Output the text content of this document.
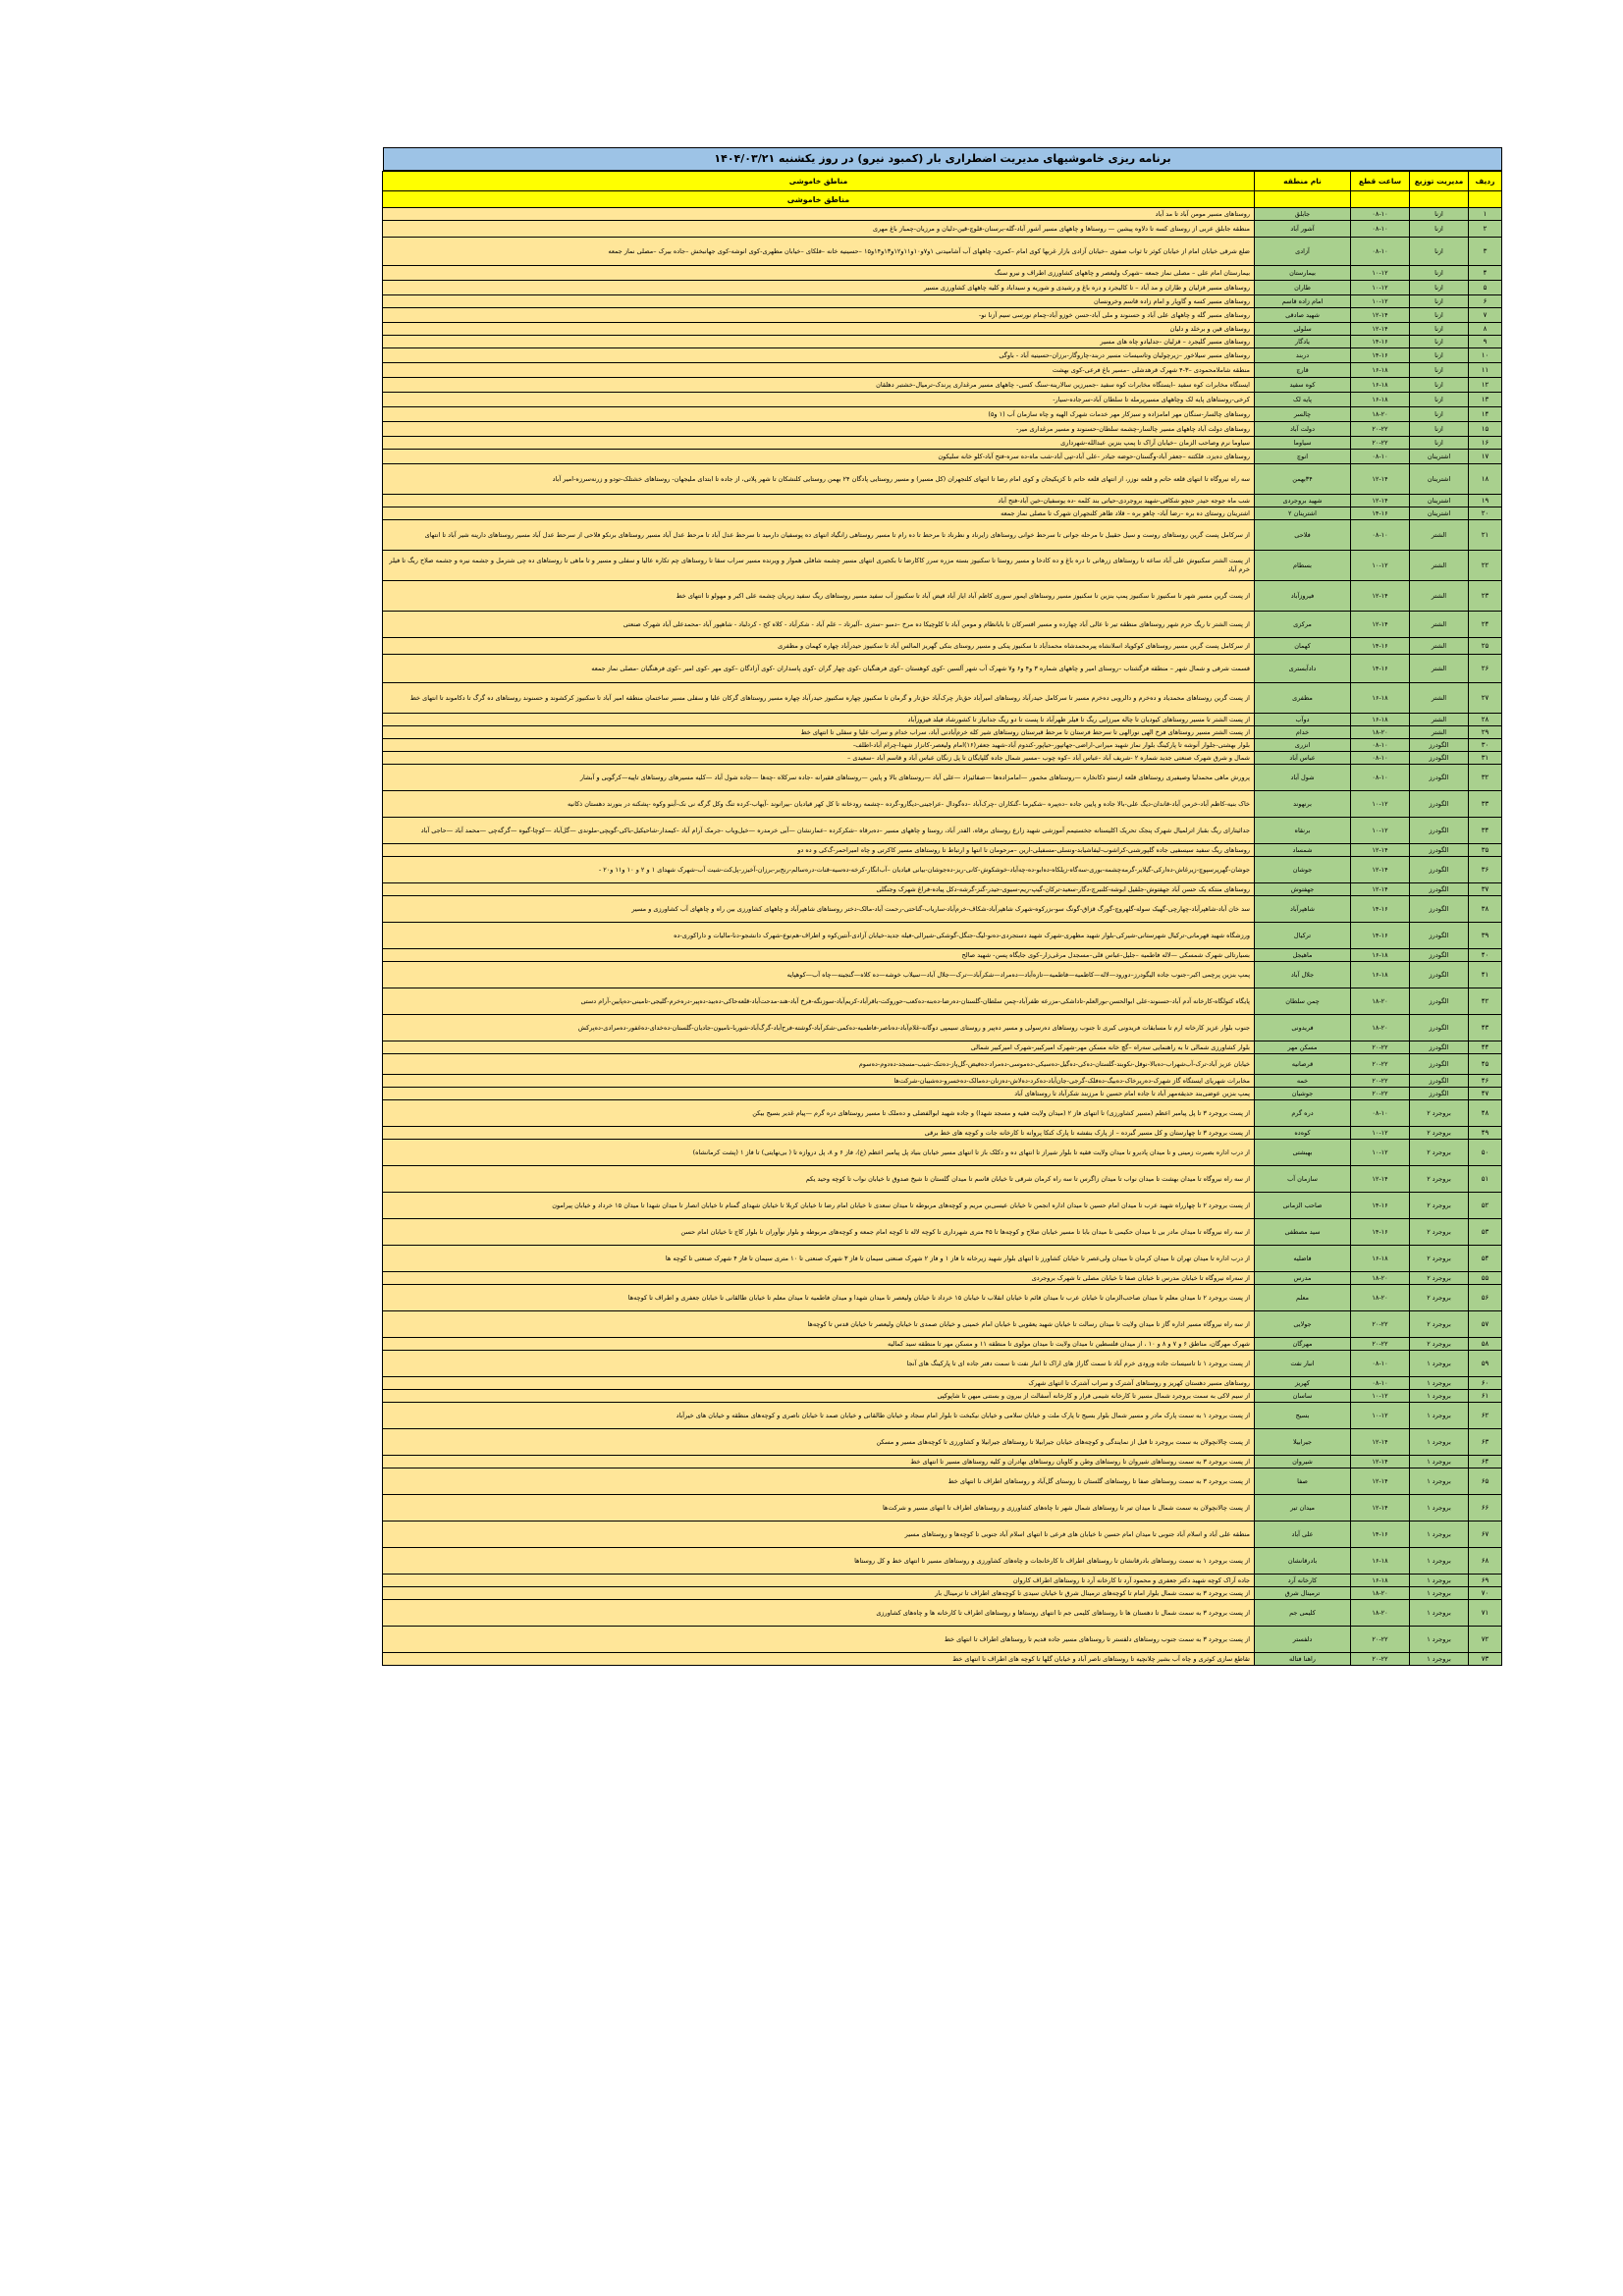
برنامه ریزی خاموشیهای مدیریت اضطراری بار (کمبود نیرو) در روز یکشنبه ۱۴۰۴/۰۳/۲۱
ردیف	مدیریت توزیع	ساعت قطع	نام منطقه	مناطق خاموشی
				مناطق خاموشی
۱	ازنا	۰۸-۱۰	جابلق	روستاهای مسیر مومن آباد تا مد آباد
۲	ازنا	۰۸-۱۰	آشور آباد	منطقه جابلق عربی از روستای کسه تا دلاوه پیشین — روستاها و چاههای مسیر آشور آباد-گله-برسنان-قلوچ-قین-دلیان و مرزیان-چمباز باغ مهری
۳	ازنا	۰۸-۱۰	آزادی	ضلع شرقی خیابان امام از خیابان کوثر تا ثواب صفوی –خیابان آزادی بازار غربها کوی امام –کمری- چاههای آب آشامیدنی ۱و۷و۱۰و۱۱و۱۲و۱۳و۱۴و۱۵ –حسینیه خانه –فلکای –خیابان مطهری-کوی انوشه-کوی جهانبخش –جاده بیرک –مصلی نماز جمعه
۴	ازنا	۱۰-۱۲	بیمارستان	بیمارستان امام علی – مصلی نماز جمعه –شهرک ولیعصر و چاههای کشاورزی اطراف و نیرو سنگ
۵	ازنا	۱۰-۱۲	طاران	روستاهای مسیر قزلیان و طاران و مد آباد – تا کالیجرد و دره باغ و رشیدی و شوریه و سیداباد و کلیه چاههای کشاورزی مسیر
۶	ازنا	۱۰-۱۲	امام زاده قاسم	روستاهای مسیر کسه و گاوپار و امام زاده قاسم وخرونسان
۷	ازنا	۱۲-۱۴	شهید صادقی	روستاهای مسیر گله و چاههای علی آباد و حسنوند و ملی آباد-حسن خوزو آباد-چمام نورسی سیم آزنا نو-
۸	ازنا	۱۲-۱۴	سلولی	روستاهای قین و برخلد و دلیان
۹	ازنا	۱۴-۱۶	یادگار	روستاهای مسیر گلیجرد – قزلیان -جدلیادو چاه های مسیر
۱۰	ازنا	۱۴-۱۶	دربند	روستاهای مسیر سیلاخور –زیرچولیان وتاسیسات مسیر دربند-چاروگار-برزان-حسینیه آباد - باوگی
۱۱	ازنا	۱۶-۱۸	قارچ	منطقه شاملامحمودی –۳-۴ شهرک قرهدشلی –مسیر باغ فرعی-کوی بهشت
۱۲	ازنا	۱۶-۱۸	کوه سفید	ایستگاه مخابرات کوه سفید –ایستگاه مخابرات کوه سفید -جمبرزین سالارینه-سنگ کسی- چاههای مسیر مرغداری پرندک-ترمیال-خشتبر دهلقان
۱۳	ازنا	۱۶-۱۸	پایه لک	کرخی-روستاهای پایه لک وچاههای مسیرپرمله تا سلطان آباد-سرجاده-سیار-
۱۴	ازنا	۱۸-۲۰	چالسر	روستاهای چالسار-سنگان مهر امامزاده و سبزکار مهر خدمات شهرک الهیه و چاه سازمان آب (۱ و۵)
۱۵	ازنا	۲۰-۲۲	دولت آباد	روستاهای دولت آباد چاههای مسیر چالسار-چشمه سلطان-حسنوند و مسیر مرغداری میر-
۱۶	ازنا	۲۰-۲۲	سیاوما	سیاوما نرم وصاحب الزمان –خیابان آراک تا پمپ بنزین عبدالله-شهرداری
۱۷	اشترینان	۰۸-۱۰	انوچ	روستاهای ده‌یزد، فلکتنه –جعفر آباد-وگستان-حوضه جیادر -علی آباد-تپی آباد-شب ماه-ده سره-فتح آباد-کلو خانه سلیکون
۱۸	اشترینان	۱۲-۱۴	۳۴بهمن	سه راه نیروگاه تا انتهای قلعه حاتم و قلعه نوزر، از انتهای قلعه حاتم تا کزیکیجان و کوی امام رضا تا انتهای کلنجهران (کل مسیر) و مسیر روستایی پادگان ۲۴ بهمن روستایی کلنشکان تا شهر پلاتی، از جاده تا ابتدای ملیجهان- روستاهای خشتلک-تودو و زرنه‌سرزه-امیر آباد
۱۹	اشترینان	۱۲-۱۴	شهید بروجردی	شب ماه جوجه حیدر حنچو شکافی-شهید بروجردی-حیاتی بند کلمه -ده یوسفیان-خین آباد-فتح آباد
۲۰	اشترینان	۱۴-۱۶	اشترینان ۲	اشترینان روستای ده بره –رضا آباد- چاهو بره – قلاد ظاهر کلنجهران شهرک تا مصلی نماز جمعه
۲۱	الشتر	۰۸-۱۰	فلاحی	از سرکامل پست گرین روستاهای روست و سیل حقیبل تا مرحله جوانی تا سرحط خوانی روستاهای زایرناد و نطرناد تا مرحط تا ده رام تا مسیر روستاهی زانگیاد انتهای ده پوسفیان دارمید تا سرحط عدل آباد تا مرحط عدل آباد مسیر روستاهای برنکو فلاحی از سرحط عدل آباد مسیر روستاهای دارینه شیر آباد تا انتهای
۲۲	الشتر	۱۰-۱۲	بسطام	از پست الشتر سکنیوش علی آباد ساعه تا روستاهای زرهانی تا دره باغ و ده کادخا و مسیر روستا تا سکنیوز بسته مزره سرر کاکارضا تا بکجیری انتهای مسیر چشمه شافلی هموار و ویرنده مسیر سراب سقا تا روستاهای چم تکاره عالیا و سفلی و مسیر و تا ماهی تا روستاهای ده چی شترمل و جشمه نیره و جشمه صلاح ریگ تا فیلر خرم آباد
۲۳	الشتر	۱۲-۱۴	فیروزآباد	از پست گرین مسیر شهر تا سکنیوز تا سکنیوز پمپ بنزین تا سکنیوز مسیر روستاهای ایمور سوری کاظم آباد ایاز آباد قیض آباد تا سکنیوز آب سفید مسیر روستاهای ریگ سفید زیریان چشمه علی اکبر و مهولو تا انتهای خط
۲۴	الشتر	۱۲-۱۴	مرکزی	از پست الشتر تا ریگ حرم شهر روستاهای منطقه تیر تا عالی آباد چهارده و مسیر افسرکان تا بابانظام و مومن آباد تا کلوچیکا ده مرخ –دمبو –ستری –آلیرتاد – علم آباد - شکرآباد - کلاه کج - کردلباد - شاهپور آباد -محمدعلی آباد شهرک صنعتی
۲۵	الشتر	۱۴-۱۶	کهمان	از سرکامل پست گرین مسیر روستاهای کوکوپاد اسلانشاه پیرمحمدشاه محمدآباد تا سکنیوز پنکی و مسیر روستای بنکی گهریز المالس آباد تا سکنیوز حیدرآباد چهاره کهمان و مظفری
۲۶	الشتر	۱۴-۱۶	دادآبستری	قسمت شرقی و شمال شهر – منطقه فرگشتاب –روستای امیر و چاههای شماره ۳ و۴ و۶ و۷ شهرک آب شهر آلسین -کوی کوهستان –کوی فرهنگیان -کوی چهار گران -کوی پاسداران -کوی آزادگان –کوی مهر -کوی امیر –کوی فرهنگیان -مصلی نماز جمعه
۲۷	الشتر	۱۶-۱۸	مظفری	از پست گرین روستاهای محمدیاد و ده‌خرم و دالرویی ده‌خرم مسیر تا سرکامل حیدرآباد روستاهای امیرآباد حق‌تار چرک‌آباد حق‌تار و گرمان تا سکنیوز چهاره سکنیوز حیدرآباد چهاره مسیر روستاهای گرکان علیا و سفلی مسیر ساختمان منطقه امیر آباد تا سکنیوز کرکشوند و حسنوند روستاهای ده گرگ تا دکاموند تا انتهای خط
۲۸	الشتر	۱۶-۱۸	دوآب	از پست الشتر تا مسیر روستاهای کیودیان تا چاله میرزایی ریگ تا فیلر ظهرآباد تا پست تا دو ریگ جدانیاز تا کشورشاد فیلد فیروزآباد
۲۹	الشتر	۱۸-۲۰	خدام	از پست الشتر مسیر روستاهای فرخ الهی نورالهی تا سرحط فرستان تا مرحط قبرستان روستاهای شیر کله خرم‌آبادنی آباد، سراب خدام و سراب علیا و سفلی تا انتهای خط
۳۰	الگودرز	۰۸-۱۰	انزری	بلوار بهشتی-جلوار آنوشه تا پارکینگ بلوار نماز شهید میرانی-اراضی-جهاتپور-حیاپور-کندوم آباد-شهید جعفر(۱۶)امام ولیعصر-کانزار شهدا-چرام آباد-اطلف-
۳۱	الگودرز	۰۸-۱۰	عباس آباد	شمال و شرق شهرک صنعتی جدید شماره ۲ -شریف آباد -عباس آباد –کوه چوب –مسیر شمال جاده گلپایگان تا پل زنگان عباس آباد و قاسم آباد –سعیدی –
۳۲	الگودرز	۰۸-۱۰	شول آباد	پرورش ماهی محمدلیا وصیفیری روستاهای قلعه ارستو ذکانخاره —روستاهای مخمور —امامزاده‌ها —صفائیزاد —علی آباد —روستاهای بالا و پایین —روستاهای فقیرانه -جاده سرکلاه -چه‌ها —جاده شول آباد —کلیه مسیرهای روستاهای تاپیه—کرگویی و آبشار
۳۳	الگودرز	۱۰-۱۲	برنهوند	خاک بنیه-کاظم آباد-خرمن آباد-قاندان-دیگ علی-بالا جاده و پایین جاده –ده‌پیره –شکیرما -گنکاران -چرک‌آباد –ده‌گودال -عراجینی-دیگارو-گرده –چشمه رودخانه تا کل کهر قیادیان -بیرانوند -آیهاب-کرده تنگ وکل گرگه نی نک-آبنو وکوه -پشکنه در بنورند دهستان ذکانیه
۳۴	الگودرز	۱۰-۱۲	برنقاه	جدائیتارای ریگ بقباز اترلمیال شهرک پنجک تحریک اکلیستانه جخستیمم آموزشی شهید زارع روستای برقاه، الفدر آباد، روستا و چاههای مسیر –ده‌برقاه –شکرکرده –عمارنشان —آبی خرمدره —خیل‌ویاب -جرمک آرام آباد –کیمدار-شاحیکیل-باکی-گویچی-ملوندی —گل‌آباد —کوچا-گیوه —گرگه‌چی —محمد آباد —حاجی آباد
۳۵	الگودرز	۱۲-۱۴	شمساد	روستاهای ریگ سفید سیسفیی جاده گلپورشنی-کراشوب-لیفاشیابد-ونسلی-مسفیلی-ارین –مرحومان تا انتها و ارتباط تا روستاهای مسیر کاکرتی و چاه امیراحمر-گ‌کی و ده دو
۳۶	الگودرز	۱۲-۱۴	جوشان	جوشان-گهرپرسپوچ-زیرغاش-ده‌ارکی-گیلایر-گرمه‌چشمه-بوری-سه‌گاه-زیلکاه-ده‌ابو-ده-چه‌آباد-خوشکوش-کانی-ریز-ده‌جوشان-بیانی قیادیان –آب‌انگار-کرخه-ده‌سیه-قنات-دره‌سالم-رنج‌بر-برزان-آخیزر-پل‌کت-شیت آب-شهرک شهدای ۱ و ۲ و ۱۰ و۱۱ و۲۰ -
۳۷	الگودرز	۱۲-۱۴	جهفتوش	روستاهای منتکه یک حسن آباد جهفتوش-جلقیل ابوشه-کلنبرچ-دگار-سعید-ترکان-گیپ-ریم-سیوی-حیدر-گنز-گرشه-دکل پیاده-فراغ شهرک وجنگلی
۳۸	الگودرز	۱۴-۱۶	شاهپرآباد	سد خان آباد-شاهپرآباد-چهارچی-گهیک سوله-گلهروچ-گورگ قزاق-گونگ سو-بزرکوه-شهرک شاهپرآباد-شکاف-خرم‌آباد-ساریاب-گناحتی-رحمت آباد-مالک-دختر روستاهای شاهپرآباد و چاههای کشاورزی بین راه و چاههای آب کشاورزی و مسیر
۳۹	الگودرز	۱۴-۱۶	ترکیال	ورزشگاه شهید قهرمانی-ترکیال شهرستانی-شیرکی-بلوار شهید مطهری-شهرک شهید دستجردی-ده‌نو-لیگ-جنگل-گوشکی-شیرالی-فیله جدید-خیابان آزادی-آنتین‌کوه و اطراف-هم‌نوع-شهرک دانشجو-دنا-مالیات و داراکوری-ده
۴۰	الگودرز	۱۶-۱۸	ماهیجل	بسیارتالی شهرک شمسکی —لاله فاطمیه –جلیل-عباس قلی–مسجدل مرغی‌زار–کوی جایگاه پسن- شهید صالح
۴۱	الگودرز	۱۶-۱۸	جلال آباد	پمپ بنزین پرچمی اکبر–جنوب جاده الیگودرز–دورود—لاله—کاظمیه—فاطمیه—تازه‌آباد—ده‌مراد—شکرآباد—ترک—جلال آباد—سیلاب خوشه—ده کلاه—گنجینه—چاه آب—کوهپایه
۴۲	الگودرز	۱۸-۲۰	چمن سلطان	پایگاه کتولگاه-کارخانه آدم آباد-حسنوند-علی ابوالحسن-بورالعلم-تاداشکی-مزرعه ظفرآباد-چمن سلطان-گلستان-ده‌رضا-ده‌بنه-ده‌کعب-حوروکت-باقرآباد-کریم‌آباد-سوزنگه-فرخ آباد-هند-مدحت‌آباد-قلعه‌حاکی-ده‌بید-ده‌پیر-دره‌خرم-گلیجی-تامینی-ده‌پایین-آرام دستی
۴۳	الگودرز	۱۸-۲۰	فریدونی	جنوب بلوار عزیز کارخانه ارم تا مسابقات فریدونی کبری تا جنوب روستاهای ده‌رسولی و مسیر ده‌پیر و روستای سیمپی دوگانه-غلام‌آباد-ده‌ناصر-فاطمیه-ده‌کمی-شکرآباد-گوشته-فرح‌آباد-گرگ‌آباد-شوربا-نامیون-جادیان-گلستان-ده‌خدای-ده‌غفور-ده‌مرادی-ده‌پرکش
۴۴	الگودرز	۲۰-۲۲	مسکن مهر	بلوار کشاورزی شمالی تا به راهنمایی سه‌راه –گچ خانه مسکن مهر-شهرک امیرکبیر-شهرک امیرکبیر شمالی
۴۵	الگودرز	۲۰-۲۲	قرصانیه	خیابان عزیز آباد-ترک-آب‌شهراب-ده‌بالا-نوفل-نکوبند-گلستان-ده‌کی-ده‌گیل-ده‌سیکی-ده‌موسی-ده‌مراد-ده‌فیض-گل‌پاز-ده‌تنک-شیب-مسجد-ده‌دوم-ده‌سوم
۴۶	الگودرز	۲۰-۲۲	خمه	مخابرات شهریای ایستگاه گاز شهرک-ده‌ریرخاک-ده‌بیگ-ده‌فلک-گرجی-جان‌آباد-ده‌کرد-ده‌لاش-ده‌زنان-ده‌مالک-ده‌خسرو-ده‌شیبان-شرکت‌ها
۴۷	الگودرز	۲۰-۲۲	جوشیان	پمپ بنزین عوضی‌بند حدیقه‌مهر آباد تا جاده امام حسین تا مرزبند شکرآباد تا روستاهای آباد
۴۸	بروجرد ۲	۰۸-۱۰	دره گرم	از پست بروجرد ۳ تا پل پیامبر اعظم (مسیر کشاورزی) تا انتهای فاز ۲ (میدان ولایت فقیه و مسجد شهدا) و جاده شهید ابوالفضلی و ده‌ملک تا مسیر روستاهای دره گرم —پیام غدیر بسیج بیکن
۴۹	بروجرد ۲	۱۰-۱۲	کوه‌ده	از پست بروجرد ۳ تا چهارستان و کل مسیر گبرده – از پارک بنفشه تا پارک کنکا پروانه تا کارخانه جات و کوچه های خط برقی
۵۰	بروجرد ۲	۱۰-۱۲	بهبشتی	از درب اداره بصیرت زمینی و تا میدان پادیرو تا میدان ولایت فقیه تا بلوار شیراز تا انتهای ده و دکلک باز تا انتهای مسیر خیابان بنیاد پل پیامبر اعظم (ع)، فاز ۶ و ۸، پل دروازه تا ( بی‌نهایتی) تا فاز ۱ (پشت کرمانشاه)
۵۱	بروجرد ۲	۱۲-۱۴	سازمان آب	از سه راه نیروگاه تا میدان بهشت تا میدان نواب تا میدان زاگرس تا سه راه کرمان شرقی تا خیابان قاسم تا میدان گلستان تا شیخ صدوق تا خیابان نواب تا کوچه وحید یکم
۵۲	بروجرد ۲	۱۴-۱۶	صاحب الزمانی	از پست بروجرد ۲ تا چهارراه شهید عرب تا میدان امام حسین تا میدان اداره انجمن تا خیابان عیسی‌بن مریم و کوچه‌های مربوطه تا میدان سعدی تا خیابان امام رضا تا خیابان کربلا تا خیابان شهدای گمنام تا خیابان انصار تا میدان شهدا تا میدان ۱۵ خرداد و خیابان پیرامون
۵۳	بروجرد ۲	۱۴-۱۶	سید مصطفی	از سه راه نیروگاه تا میدان مادر بی تا میدان حکیمی تا میدان بابا تا مسیر خیابان صلاح و کوچه‌ها تا ۴۵ متری شهرداری تا کوچه لاله تا کوچه امام جمعه و کوچه‌های مربوطه و بلوار نوآوران تا بلوار کاج تا خیابان امام حسن
۵۴	بروجرد ۲	۱۶-۱۸	فاضلیه	از درب اداره تا میدان تهران تا میدان کرمان تا میدان ولی‌عصر تا خیابان کشاورز تا انتهای بلوار شهید زیرخانه تا فاز ۱ و فاز ۲ شهرک صنعتی سیمان تا فاز ۳ شهرک صنعتی تا ۱۰ متری سیمان تا فاز ۴ شهرک صنعتی تا کوچه ها
۵۵	بروجرد ۲	۱۸-۲۰	مدرس	از سه‌راه نیروگاه تا خیابان مدرس تا خیابان صفا تا خیابان مصلی تا شهرک بروجردی
۵۶	بروجرد ۲	۱۸-۲۰	معلم	از پست بروجرد ۲ تا میدان معلم تا میدان صاحب‌الزمان تا خیابان عرب تا میدان قائم تا خیابان انقلاب تا خیابان ۱۵ خرداد تا خیابان ولیعصر تا میدان شهدا و میدان فاطمیه تا میدان معلم تا خیابان طالقانی تا خیابان جعفری و اطراف تا کوچه‌ها
۵۷	بروجرد ۲	۲۰-۲۲	جولایی	از سه راه نیروگاه مسیر اداره گاز تا میدان ولایت تا میدان رسالت تا خیابان شهید یعقوبی تا خیابان امام خمینی و خیابان صمدی تا خیابان ولیعصر تا خیابان قدس تا کوچه‌ها
۵۸	بروجرد ۲	۲۰-۲۲	مهرگان	شهرک مهرگان، مناطق ۶ و ۷ و ۸ و ۱۰ ، از میدان فلسطین تا میدان ولایت تا میدان مولوی تا منطقه ۱۱ و مسکن مهر تا منطقه سید کمالیه
۵۹	بروجرد ۱	۰۸-۱۰	انبار نفت	از پست بروجرد ۱ تا تاسیسات جاده ورودی خرم آباد تا سمت گاراژ های اراک تا انبار نفت تا سمت دفتر جاده ای تا پارکینگ های آنجا
۶۰	بروجرد ۱	۰۸-۱۰	کهریز	روستاهای مسیر دهستان کهریز و روستاهای آشترک و سراب آشترک تا انتهای شهرک
۶۱	بروجرد ۱	۱۰-۱۲	ساسان	از سیم لاکی به سمت بروجرد شمال مسیر تا کارخانه شیمی قرار و کارخانه آسفالت از بیرون و بستنی میهن تا شاپوکپی
۶۲	بروجرد ۱	۱۰-۱۲	بسیج	از پست بروجرد ۱ به سمت پارک مادر و مسیر شمال بلوار بسیج تا پارک ملت و خیابان سلامی و خیابان نیکبخت تا بلوار امام سجاد و خیابان طالقانی و خیابان صمد تا خیابان ناصری و کوچه‌های منطقه و خیابان های خیرآباد
۶۳	بروجرد ۱	۱۲-۱۴	جیرابیلا	از پست چالانچولان به سمت بروجرد تا قبل از نمایندگی و کوچه‌های خیابان جیرابیلا تا روستاهای جیرابیلا و کشاورزی تا کوچه‌های مسیر و مسکن
۶۴	بروجرد ۱	۱۲-۱۴	شیروان	از پست بروجرد ۳ به سمت روستاهای شیروان تا روستاهای وطن و کاویان روستاهای بهادران و کلیه روستاهای مسیر تا انتهای خط
۶۵	بروجرد ۱	۱۲-۱۴	صفا	از پست بروجرد ۳ به سمت روستاهای صفا تا روستاهای گلستان تا روستای گل‌آباد و روستاهای اطراف تا انتهای خط
۶۶	بروجرد ۱	۱۲-۱۴	میدان تیر	از پست چالانچولان به سمت شمال تا میدان تیر تا روستاهای شمال شهر تا چاه‌های کشاورزی و روستاهای اطراف تا انتهای مسیر و شرکت‌ها
۶۷	بروجرد ۱	۱۴-۱۶	علی آباد	منطقه علی آباد و اسلام آباد جنوبی تا میدان امام حسین تا خیابان های فرعی تا انتهای اسلام آباد جنوبی تا کوچه‌ها و روستاهای مسیر
۶۸	بروجرد ۱	۱۶-۱۸	بادرقانشان	از پست بروجرد ۱ به سمت روستاهای بادرقانشان تا روستاهای اطراف تا کارخانجات و چاه‌های کشاورزی و روستاهای مسیر تا انتهای خط و کل روستاها
۶۹	بروجرد ۱	۱۶-۱۸	کارخانه آرد	جاده آراک کوچه شهید دکتر جعفری و محمود آرد تا کارخانه آرد تا روستاهای اطراف کاروان
۷۰	بروجرد ۱	۱۸-۲۰	ترمینال شرق	از پست بروجرد ۳ به سمت شمال بلوار امام تا کوچه‌های ترمینال شرق تا خیابان سیدی تا کوچه‌های اطراف تا ترمینال بار
۷۱	بروجرد ۱	۱۸-۲۰	کلیمی جم	از پست بروجرد ۳ به سمت شمال تا دهستان ها تا روستاهای کلیمی جم تا انتهای روستاها و روستاهای اطراف تا کارخانه ها و چاه‌های کشاورزی
۷۲	بروجرد ۱	۲۰-۲۲	دلفستر	از پست بروجرد ۳ به سمت جنوب روستاهای دلفستر تا روستاهای مسیر جاده قدیم تا روستاهای اطراف تا انتهای خط
۷۳	بروجرد ۱	۲۰-۲۲	راهنا فتاله	تقاطع سازی کوثری و چاه آب بشیر چلانچیه تا روستاهای ناصر آباد و خیابان گلها تا کوچه های اطراف تا انتهای خط
